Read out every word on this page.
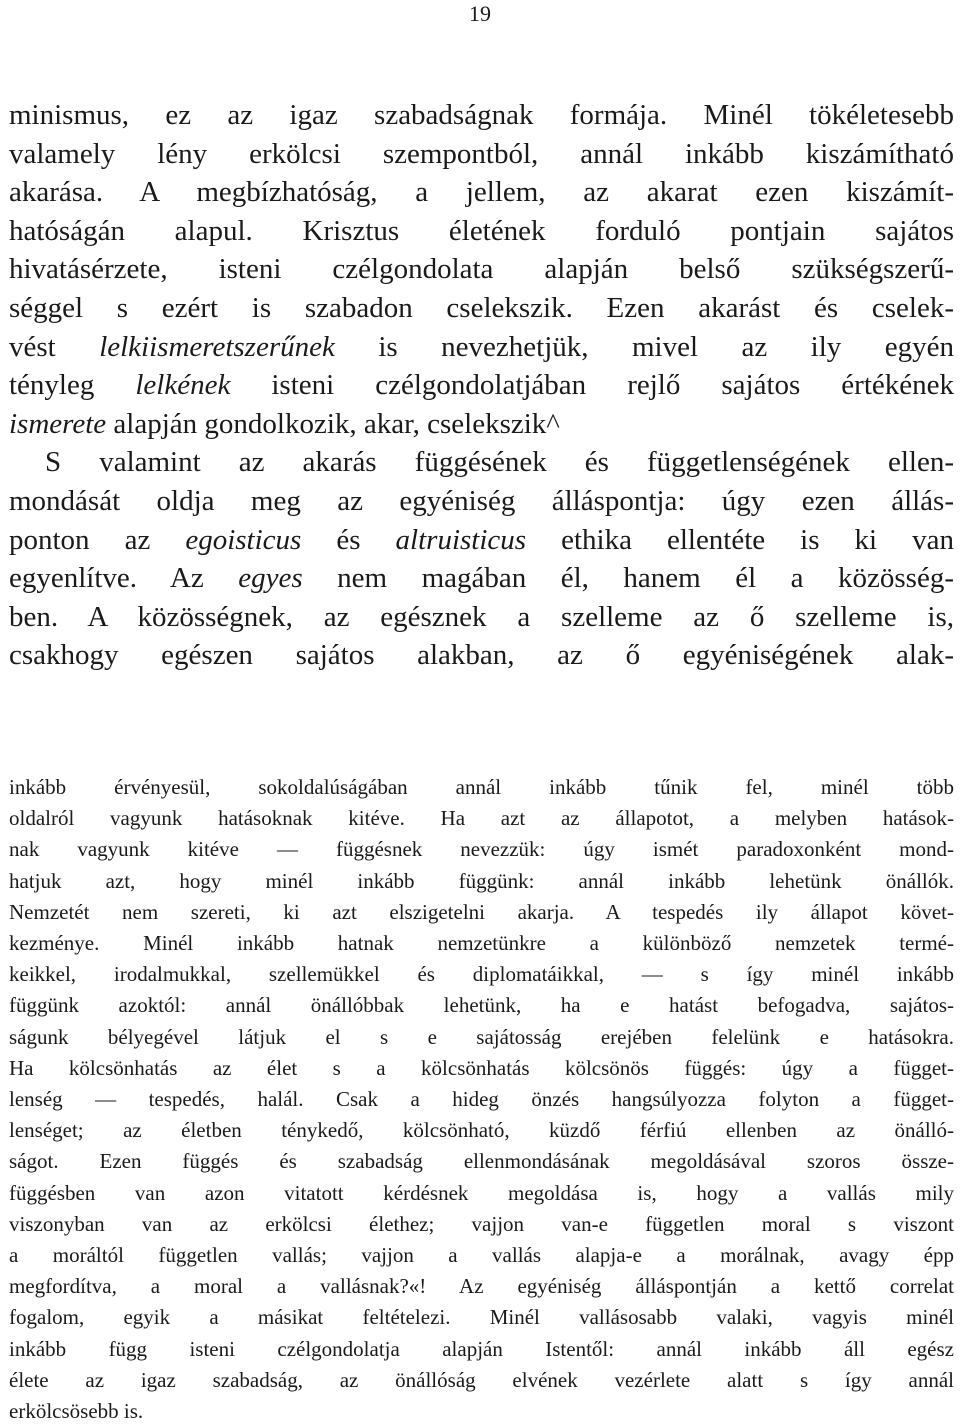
19
minismus, ez az igaz szabadságnak formája. Minél tökéletesebb
valamely lény erkölcsi szempontból, annál inkább kiszámítható
akarása. A megbízhatóság, a jellem, az akarat ezen kiszámít-
hatóságán alapul. Krisztus életének forduló pontjain sajátos
hivatásérzete, isteni czélgondolata alapján belső szükségszerű-
séggel s ezért is szabadon cselekszik. Ezen akarást és cselek-
vést lelkiismeretszerűnek is nevezhetjük, mivel az ily egyén
tényleg lelkének isteni czélgondolatjában rejlő sajátos értékének
ismerete alapján gondolkozik, akar, cselekszik^
S valamint az akarás függésének és függetlenségének ellen-
mondását oldja meg az egyéniség álláspontja: úgy ezen állás-
ponton az egoisticus és altruisticus ethika ellentéte is ki van
egyenlítve. Az egyes nem magában él, hanem él a közösség-
ben. A közösségnek, az egésznek a szelleme az ő szelleme is,
csakhogy egészen sajátos alakban, az ő egyéniségének alak-
inkább érvényesül, sokoldalúságában annál inkább tűnik fel, minél több
oldalról vagyunk hatásoknak kitéve. Ha azt az állapotot, a melyben hatások-
nak vagyunk kitéve — függésnek nevezzük: úgy ismét paradoxonként mond-
hatjuk azt, hogy minél inkább függünk: annál inkább lehetünk önállók.
Nemzetét nem szereti, ki azt elszigetelni akarja. A tespedés ily állapot követ-
kezménye. Minél inkább hatnak nemzetünkre a különböző nemzetek termé-
keikkel, irodalmukkal, szellemükkel és diplomatáikkal, — s így minél inkább
függünk azoktól: annál önállóbbak lehetünk, ha e hatást befogadva, sajátos-
ságunk bélyegével látjuk el s e sajátosság erejében felelünk e hatásokra.
Ha kölcsönhatás az élet s a kölcsönhatás kölcsönös függés: úgy a függet-
lenség — tespedés, halál. Csak a hideg önzés hangsúlyozza folyton a függet-
lenséget; az életben ténykedő, kölcsönható, küzdő férfiú ellenben az önálló-
ságot. Ezen függés és szabadság ellenmondásának megoldásával szoros össze-
függésben van azon vitatott kérdésnek megoldása is, hogy a vallás mily
viszonyban van az erkölcsi élethez; vajjon van-e független moral s viszont
a moráltól független vallás; vajjon a vallás alapja-e a morálnak, avagy épp
megfordítva, a moral a vallásnak?«! Az egyéniség álláspontján a kettő correlat
fogalom, egyik a másikat feltételezi. Minél vallásosabb valaki, vagyis minél
inkább függ isteni czélgondolatja alapján Istentől: annál inkább áll egész
élete az igaz szabadság, az önállóság elvének vezérlete alatt s így annál
erkölcsösebb is.
